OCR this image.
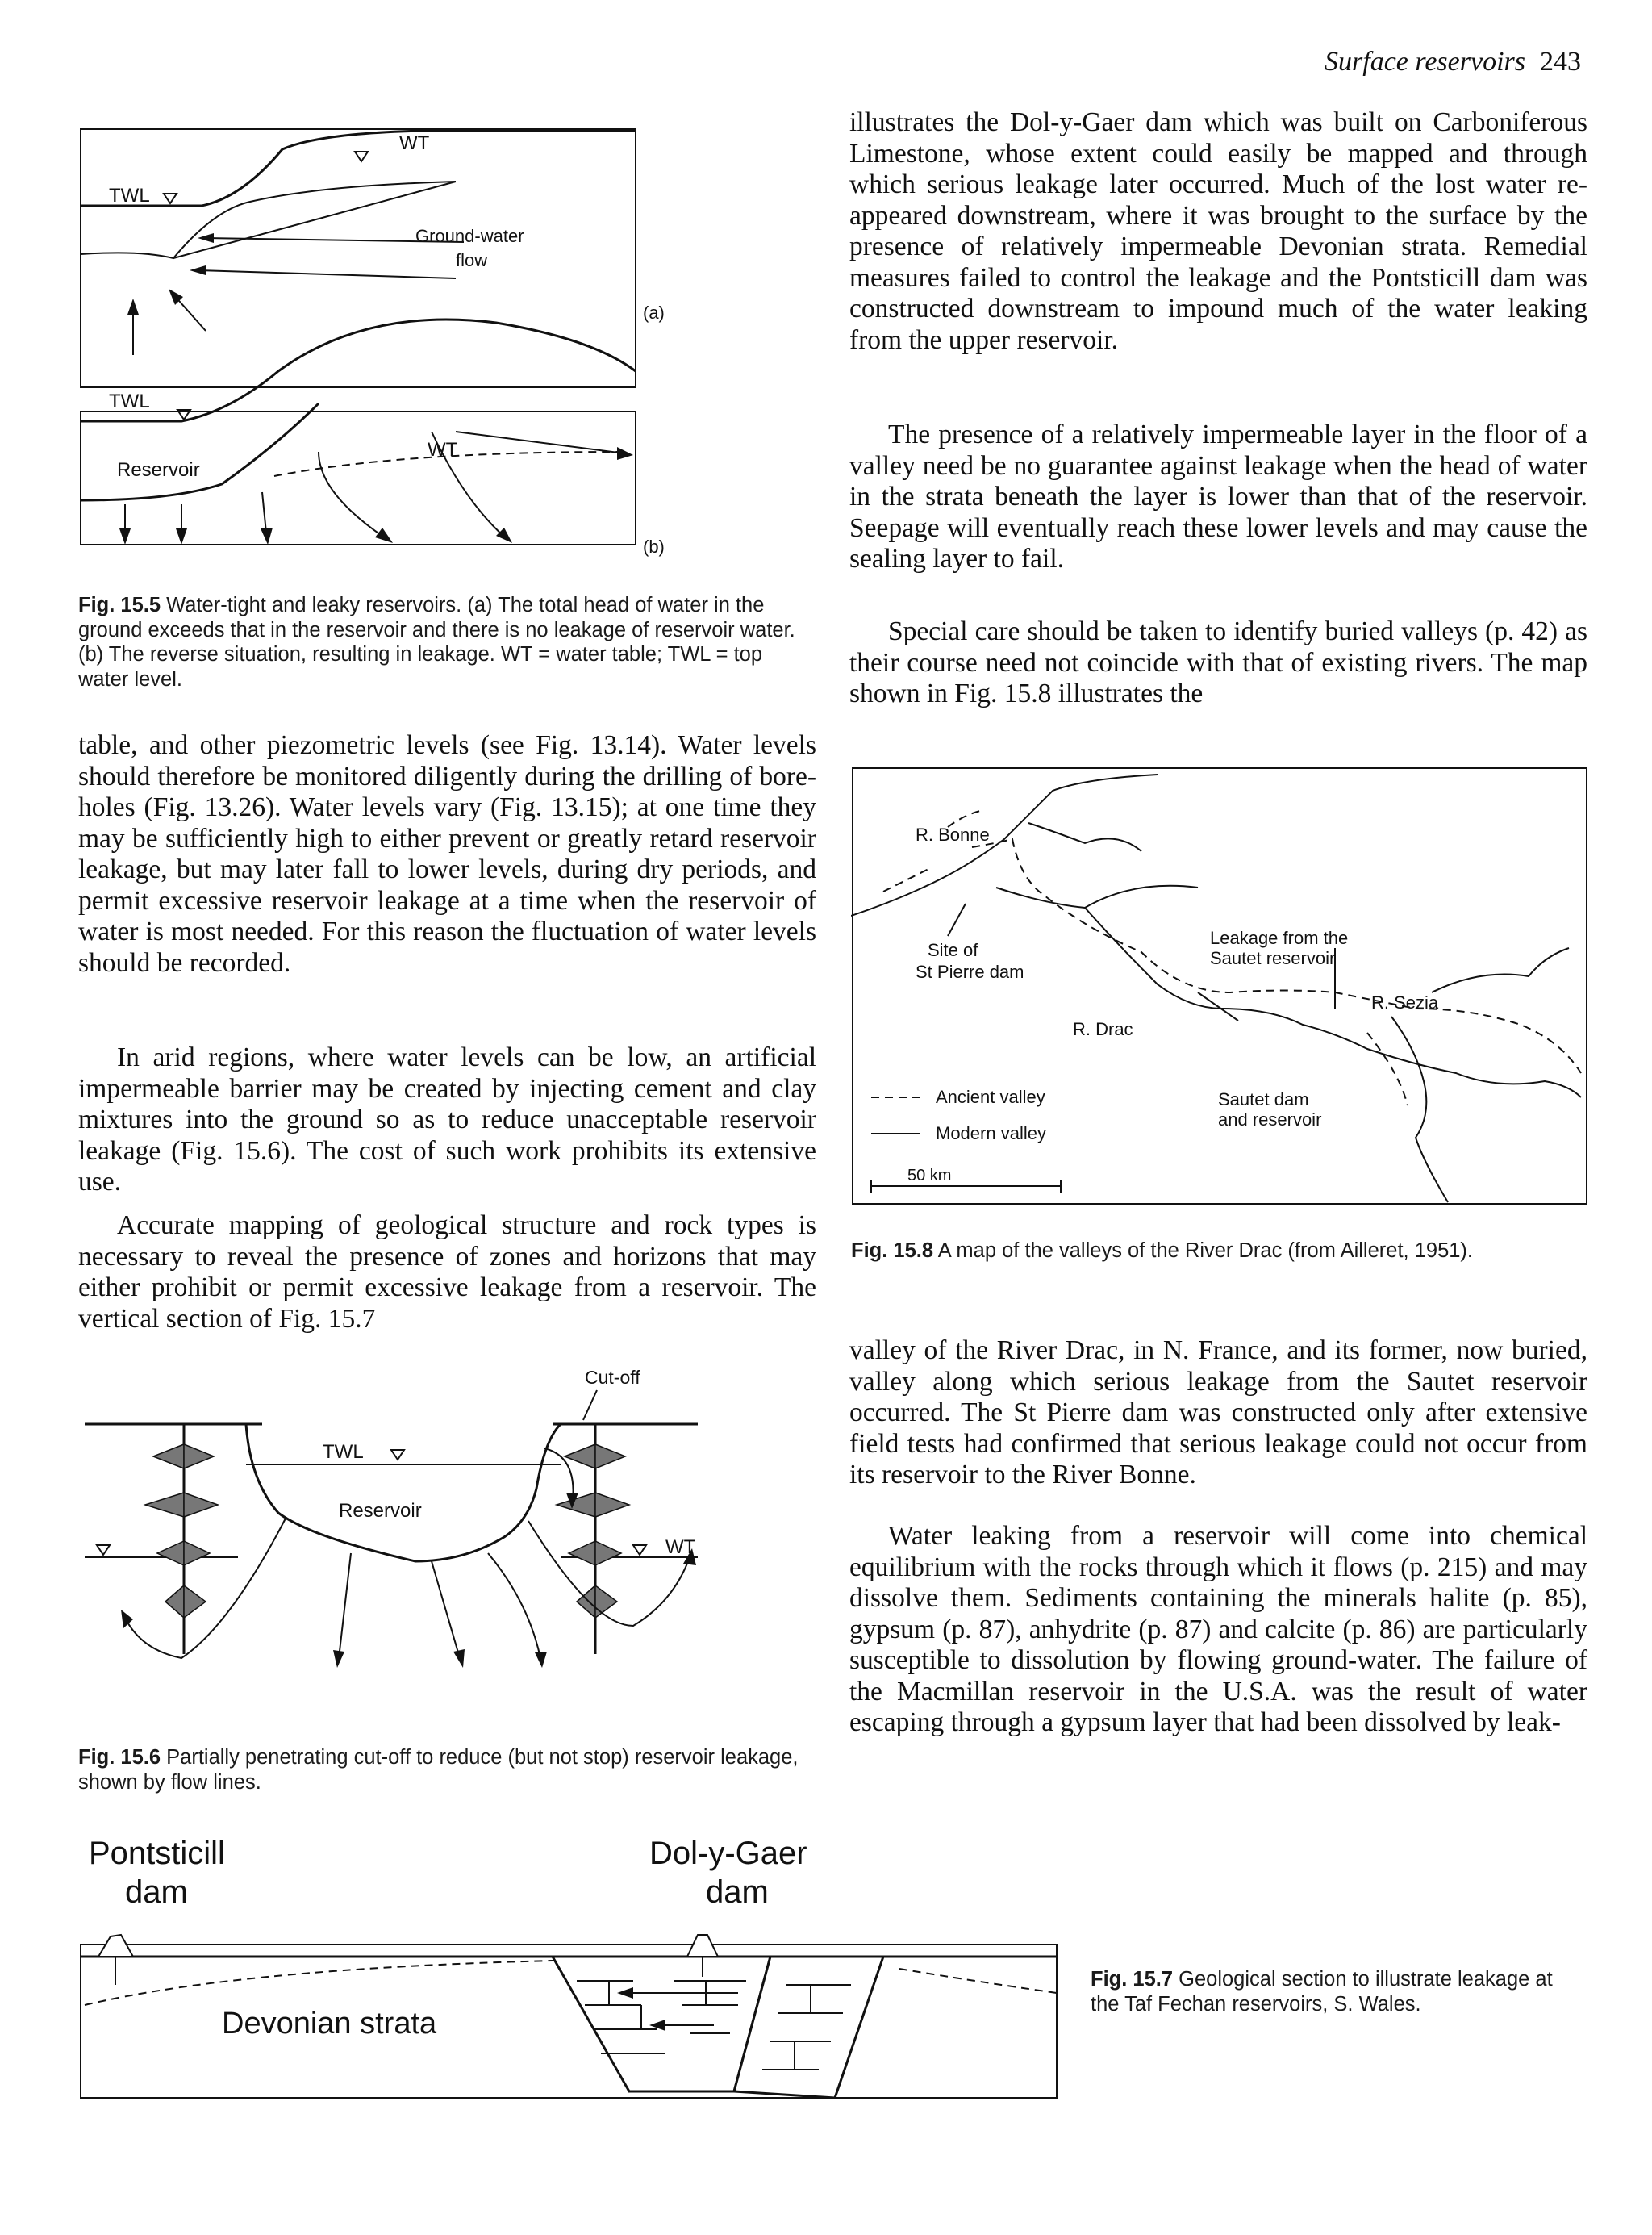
Surface reservoirs 243
TWL
WT
Ground-water
flow
(a)
TWL
Reservoir
WT
(b)

Fig. 15.5 Water-tight and leaky reservoirs. (a) The total head of water in the ground exceeds that in the reservoir and there is no leakage of reservoir water. (b) The reverse situation, resulting in leakage. WT = water table; TWL = top water level.

table, and other piezometric levels (see Fig. 13.14). Water levels should therefore be monitored diligently during the drilling of bore-holes (Fig. 13.26). Water levels vary (Fig. 13.15); at one time they may be sufficiently high to either prevent or greatly retard reservoir leakage, but may later fall to lower levels, during dry periods, and permit excessive reservoir leakage at a time when the reservoir of water is most needed. For this reason the fluctuation of water levels should be recorded.

In arid regions, where water levels can be low, an artificial impermeable barrier may be created by injecting cement and clay mixtures into the ground so as to reduce unacceptable reservoir leakage (Fig. 15.6). The cost of such work prohibits its extensive use.

Accurate mapping of geological structure and rock types is necessary to reveal the presence of zones and horizons that may either prohibit or permit excessive leakage from a reservoir. The vertical section of Fig. 15.7

Cut-off
TWL
Reservoir
WT

Fig. 15.6 Partially penetrating cut-off to reduce (but not stop) reservoir leakage, shown by flow lines.

Pontsticill
dam
Dol-y-Gaer
dam
Devonian strata

Fig. 15.7 Geological section to illustrate leakage at the Taf Fechan reservoirs, S. Wales.

illustrates the Dol-y-Gaer dam which was built on Carboniferous Limestone, whose extent could easily be mapped and through which serious leakage later occurred. Much of the lost water re-appeared downstream, where it was brought to the surface by the presence of relatively impermeable Devonian strata. Remedial measures failed to control the leakage and the Pontsticill dam was constructed downstream to impound much of the water leaking from the upper reservoir.

The presence of a relatively impermeable layer in the floor of a valley need be no guarantee against leakage when the head of water in the strata beneath the layer is lower than that of the reservoir. Seepage will eventually reach these lower levels and may cause the sealing layer to fail.

Special care should be taken to identify buried valleys (p. 42) as their course need not coincide with that of existing rivers. The map shown in Fig. 15.8 illustrates the

R. Bonne
Site of
St Pierre dam
Leakage from the
Sautet reservoir
R. Sezia
R. Drac
Ancient valley
Modern valley
Sautet dam
and reservoir
50 km

Fig. 15.8 A map of the valleys of the River Drac (from Ailleret, 1951).

valley of the River Drac, in N. France, and its former, now buried, valley along which serious leakage from the Sautet reservoir occurred. The St Pierre dam was constructed only after extensive field tests had confirmed that serious leakage could not occur from its reservoir to the River Bonne.

Water leaking from a reservoir will come into chemical equilibrium with the rocks through which it flows (p. 215) and may dissolve them. Sediments containing the minerals halite (p. 85), gypsum (p. 87), anhydrite (p. 87) and calcite (p. 86) are particularly susceptible to dissolution by flowing ground-water. The failure of the Macmillan reservoir in the U.S.A. was the result of water escaping through a gypsum layer that had been dissolved by leak-
